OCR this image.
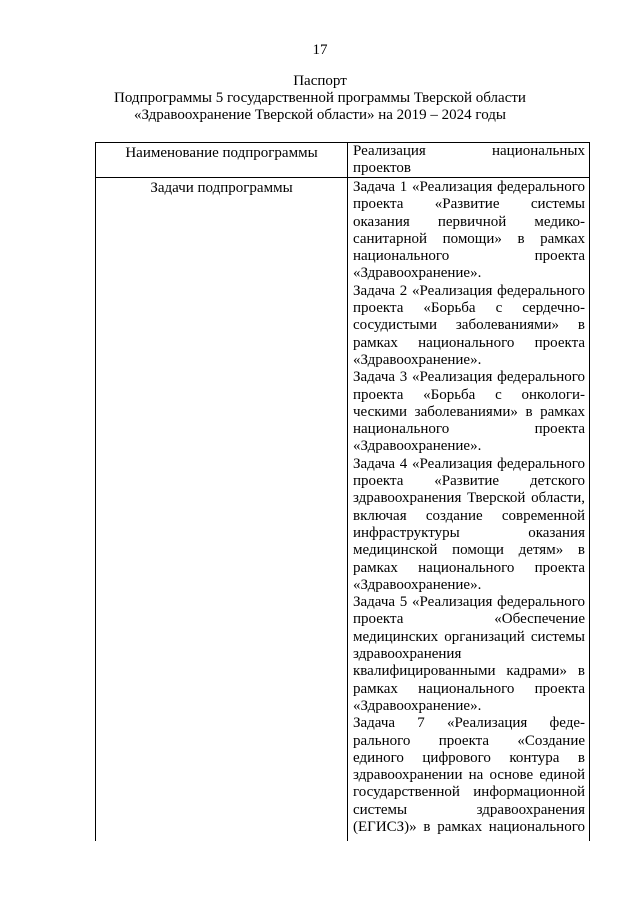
17
Паспорт
Подпрограммы 5 государственной программы Тверской области
«Здравоохранение Тверской области» на 2019 – 2024 годы
Наименование подпрограммы	Реализация национальных
проектов
Задачи подпрограммы	Задача 1 «Реализация федерального
проекта «Развитие системы
оказания первичной медико-
санитарной помощи» в рамках
национального проекта
«Здравоохранение».
Задача 2 «Реализация федерального
проекта «Борьба с сердечно-
сосудистыми заболеваниями» в
рамках национального проекта
«Здравоохранение».
Задача 3 «Реализация федерального
проекта «Борьба с онкологи-
ческими заболеваниями» в рамках
национального проекта
«Здравоохранение».
Задача 4 «Реализация федерального
проекта «Развитие детского
здравоохранения Тверской области,
включая создание современной
инфраструктуры оказания
медицинской помощи детям» в
рамках национального проекта
«Здравоохранение».
Задача 5 «Реализация федерального
проекта «Обеспечение
медицинских организаций системы
здравоохранения
квалифицированными кадрами» в
рамках национального проекта
«Здравоохранение».
Задача 7 «Реализация феде-
рального проекта «Создание
единого цифрового контура в
здравоохранении на основе единой
государственной информационной
системы здравоохранения
(ЕГИСЗ)» в рамках национального
